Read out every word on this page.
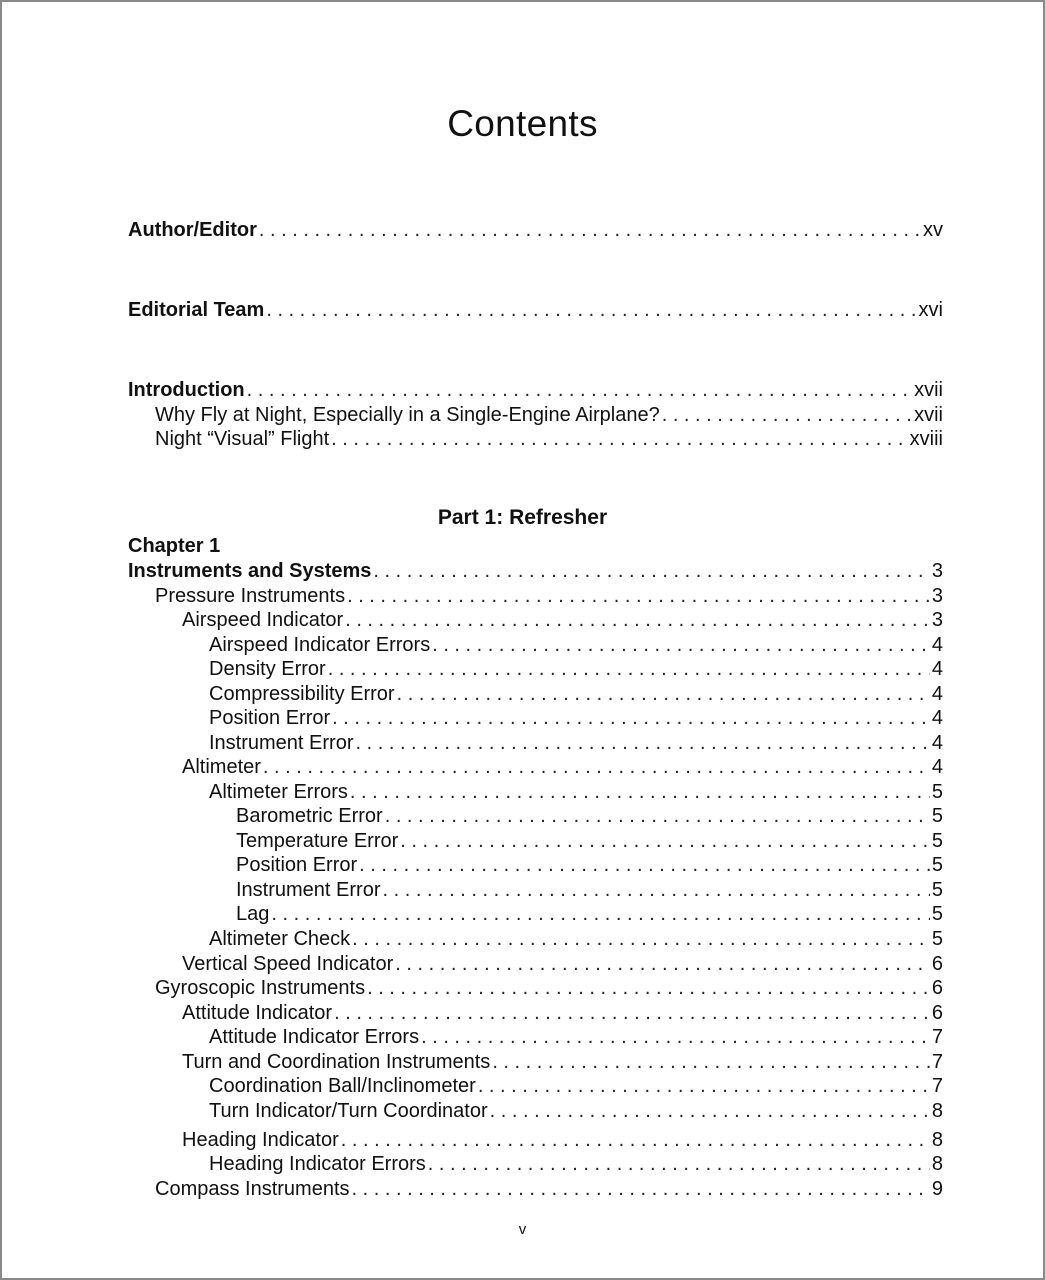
Contents
Author/Editor . . .	xv
Editorial Team . . .	xvi
Introduction . . .	xvii
Why Fly at Night, Especially in a Single-Engine Airplane? . . .	xvii
Night “Visual” Flight . . .	xviii
Part 1: Refresher
Chapter 1
Instruments and Systems . . .	3
Pressure Instruments . . .	3
Airspeed Indicator . . .	3
Airspeed Indicator Errors . . .	4
Density Error . . .	4
Compressibility Error . . .	4
Position Error . . .	4
Instrument Error . . .	4
Altimeter . . .	4
Altimeter Errors . . .	5
Barometric Error . . .	5
Temperature Error . . .	5
Position Error . . .	5
Instrument Error . . .	5
Lag . . .	5
Altimeter Check . . .	5
Vertical Speed Indicator . . .	6
Gyroscopic Instruments . . .	6
Attitude Indicator . . .	6
Attitude Indicator Errors . . .	7
Turn and Coordination Instruments . . .	7
Coordination Ball/Inclinometer . . .	7
Turn Indicator/Turn Coordinator . . .	8
Heading Indicator . . .	8
Heading Indicator Errors . . .	8
Compass Instruments . . .	9
v
